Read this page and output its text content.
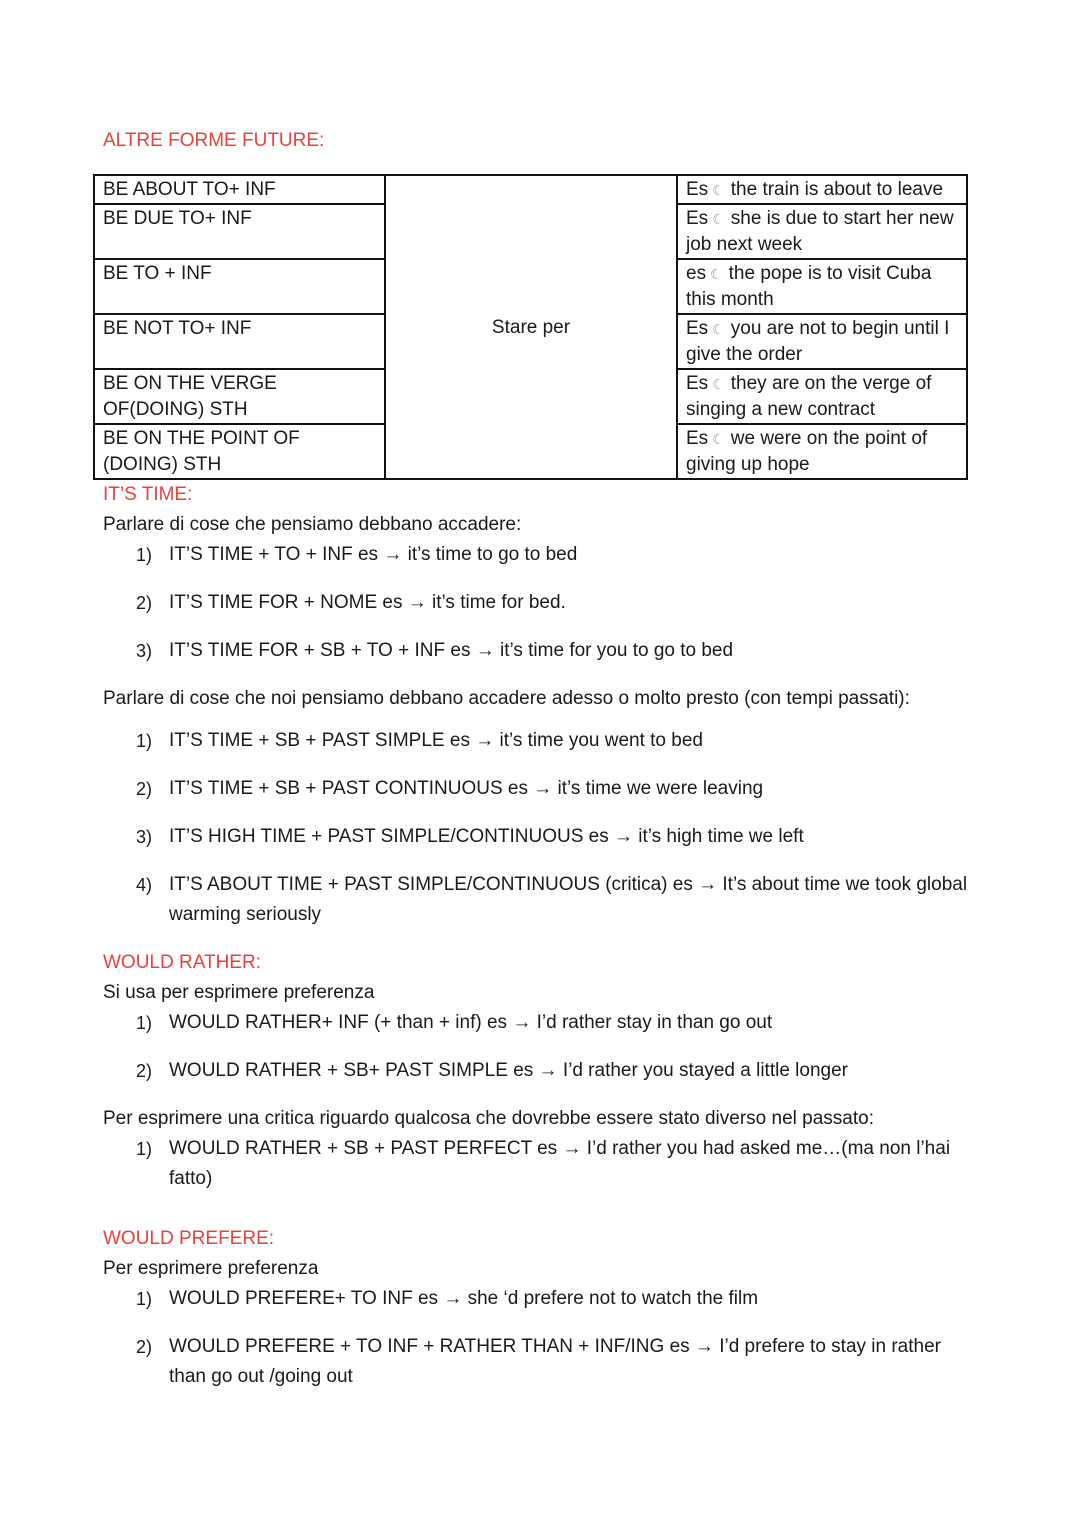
ALTRE FORME FUTURE:

BE ABOUT TO+ INF	Stare per	Es ☾ the train is about to leave
BE DUE TO+ INF		Es ☾ she is due to start her new job next week
BE TO + INF		es ☾ the pope is to visit Cuba this month
BE NOT TO+ INF		Es ☾ you are not to begin until I give the order
BE ON THE VERGE OF(DOING) STH		Es ☾ they are on the verge of singing a new contract
BE ON THE POINT OF (DOING) STH		Es ☾ we were on the point of giving up hope

IT’S TIME:

Parlare di cose che pensiamo debbano accadere:

1) IT’S TIME + TO + INF es → it’s time to go to bed
2) IT’S TIME FOR + NOME es → it’s time for bed.
3) IT’S TIME FOR + SB + TO + INF es → it’s time for you to go to bed

Parlare di cose che noi pensiamo debbano accadere adesso o molto presto (con tempi passati):

1) IT’S TIME + SB + PAST SIMPLE es → it’s time you went to bed
2) IT’S TIME + SB + PAST CONTINUOUS es → it’s time we were leaving
3) IT’S HIGH TIME + PAST SIMPLE/CONTINUOUS es → it’s high time we left
4) IT’S ABOUT TIME + PAST SIMPLE/CONTINUOUS (critica) es → It’s about time we took global warming seriously

WOULD RATHER:

Si usa per esprimere preferenza

1) WOULD RATHER+ INF (+ than + inf) es → I’d rather stay in than go out
2) WOULD RATHER + SB+ PAST SIMPLE es → I’d rather you stayed a little longer

Per esprimere una critica riguardo qualcosa che dovrebbe essere stato diverso nel passato:

1) WOULD RATHER + SB + PAST PERFECT es → I’d rather you had asked me…(ma non l’hai fatto)

WOULD PREFERE:

Per esprimere preferenza

1) WOULD PREFERE+ TO INF es → she ‘d prefere not to watch the film
2) WOULD PREFERE + TO INF + RATHER THAN + INF/ING es → I’d prefere to stay in rather than go out /going out
